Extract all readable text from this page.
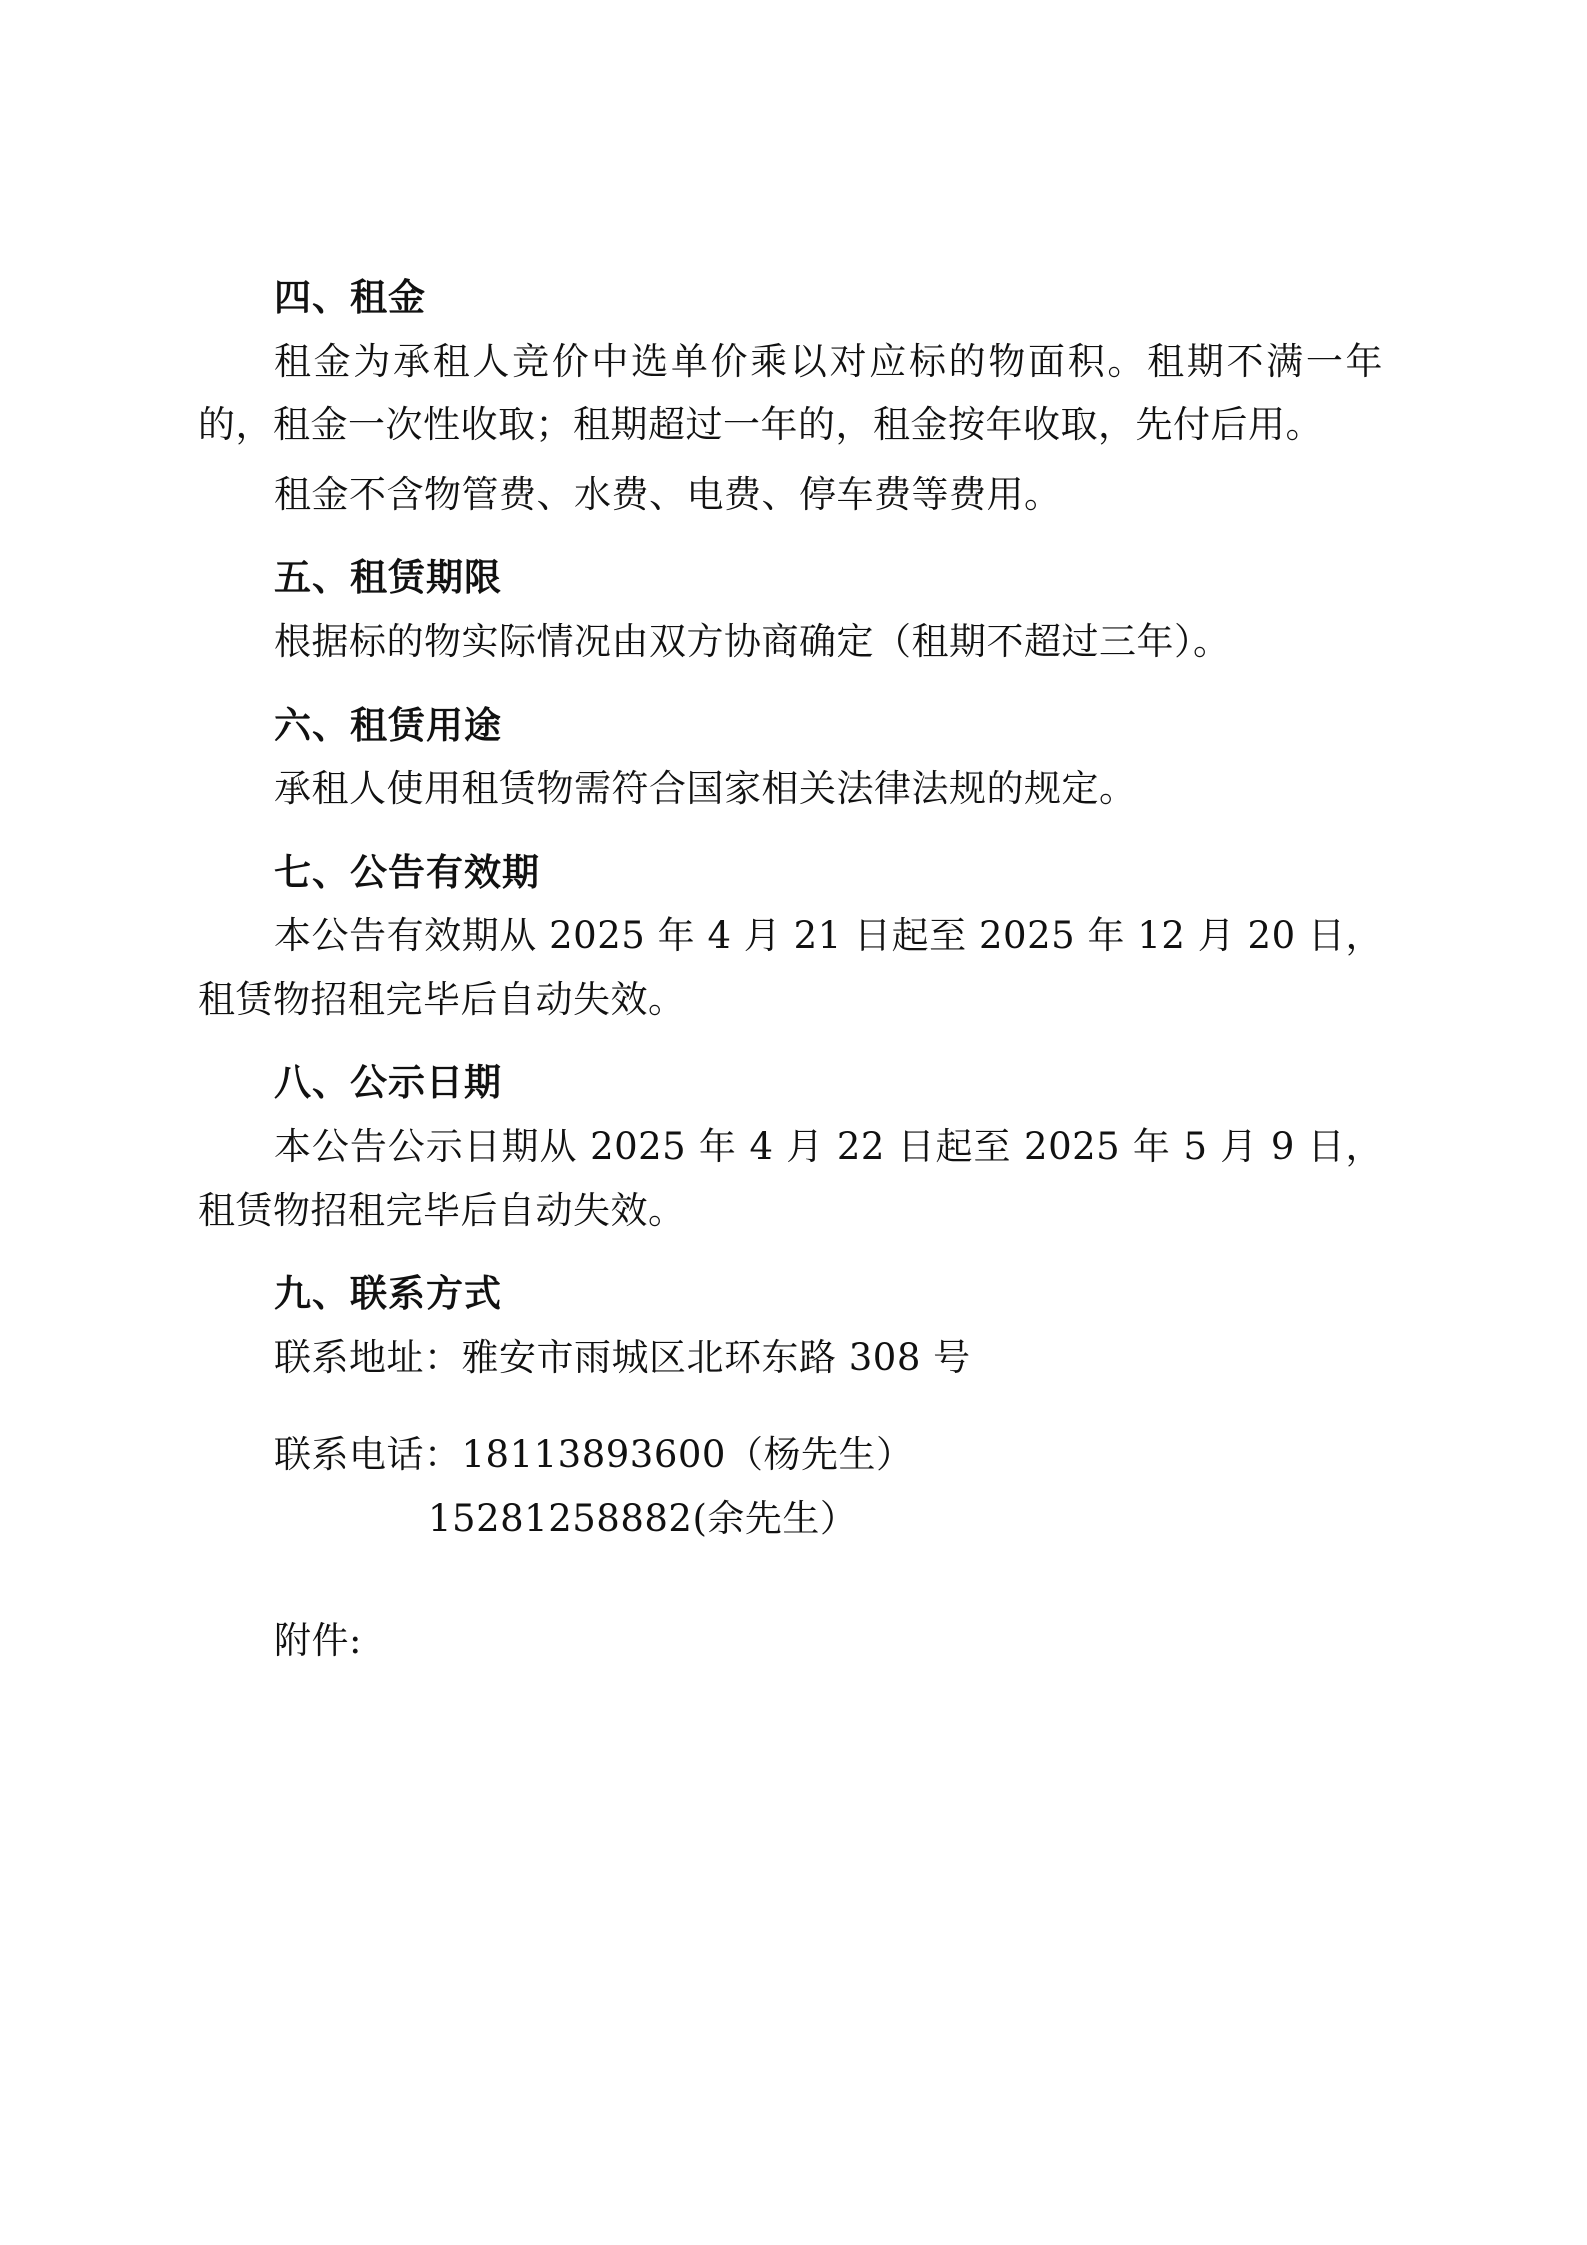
四、租金

租金为承租人竞价中选单价乘以对应标的物面积。租期不满一年的，租金一次性收取；租期超过一年的，租金按年收取，先付后用。

租金不含物管费、水费、电费、停车费等费用。

五、租赁期限

根据标的物实际情况由双方协商确定（租期不超过三年）。

六、租赁用途

承租人使用租赁物需符合国家相关法律法规的规定。

七、公告有效期

本公告有效期从 2025 年 4 月 21 日起至 2025 年 12 月 20 日，租赁物招租完毕后自动失效。

八、公示日期

本公告公示日期从 2025 年 4 月 22 日起至 2025 年 5 月 9 日，租赁物招租完毕后自动失效。

九、联系方式

联系地址：雅安市雨城区北环东路 308 号

联系电话：18113893600（杨先生）

15281258882(余先生）

附件:
